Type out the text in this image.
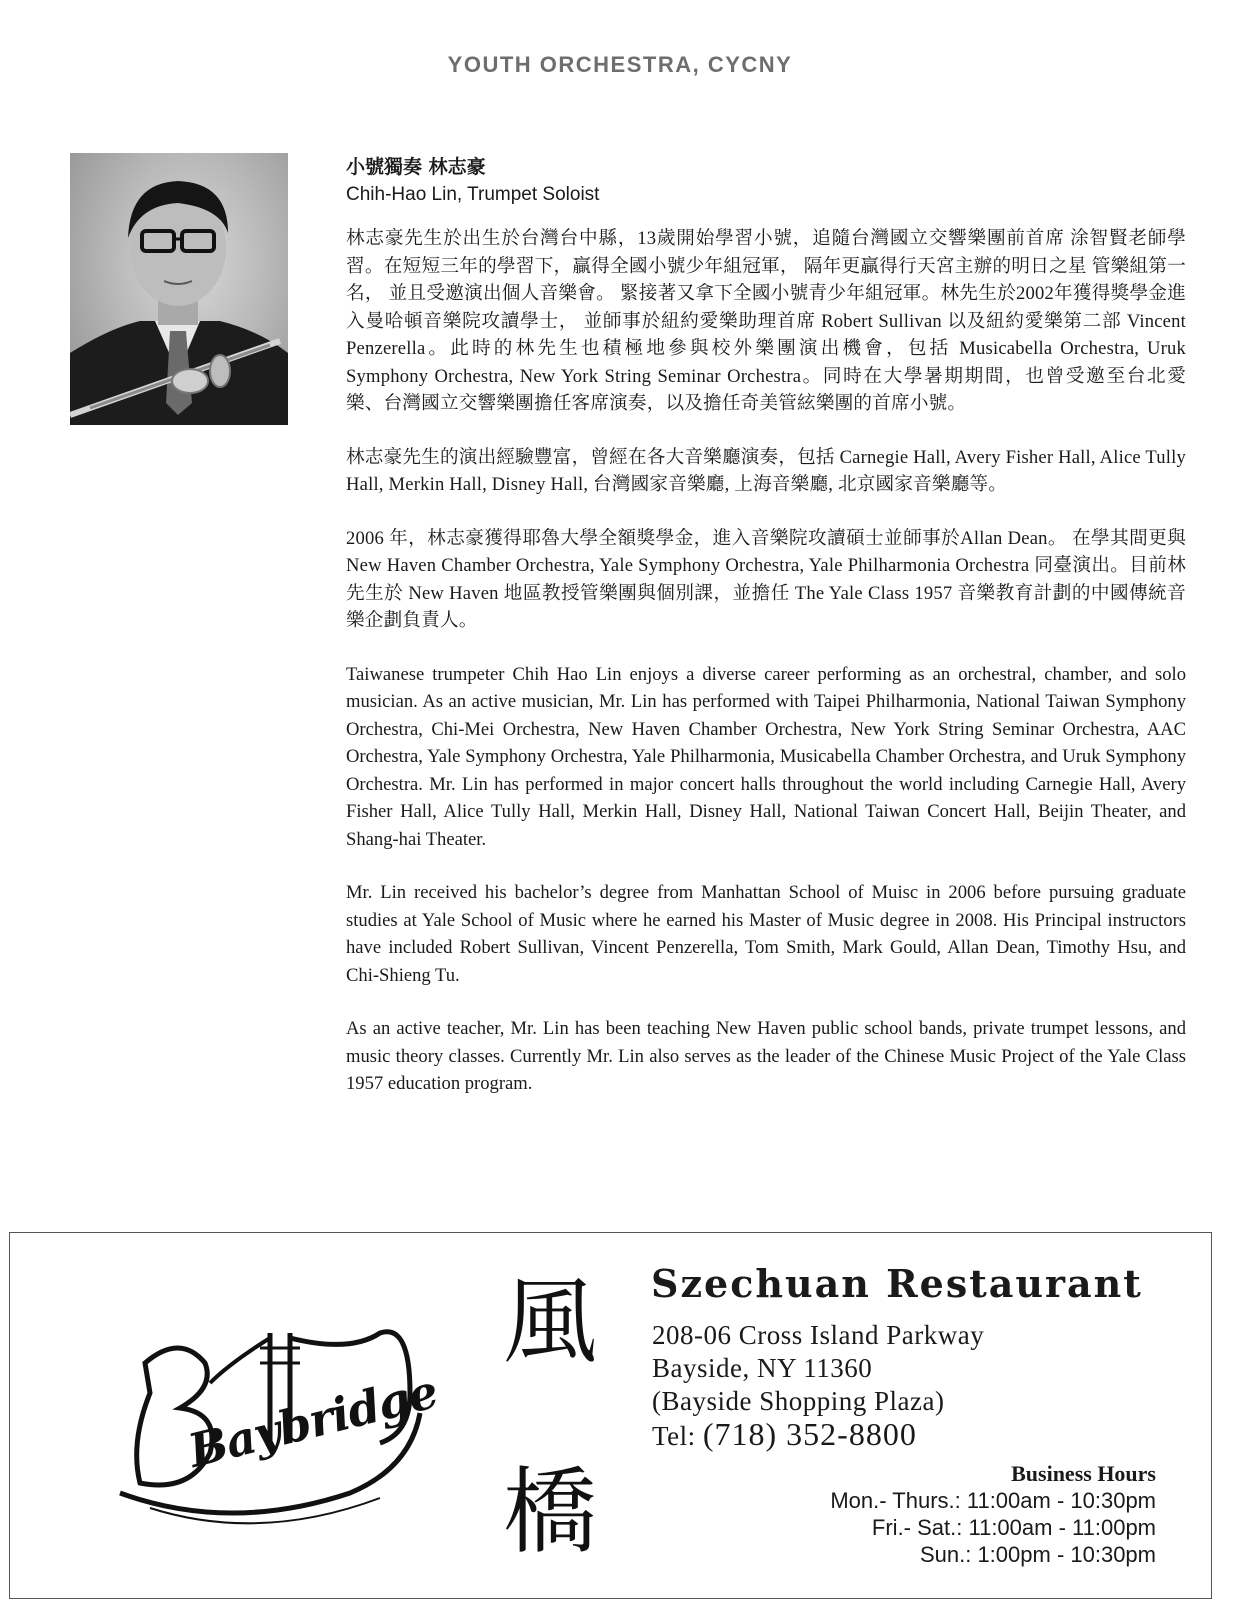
YOUTH ORCHESTRA, CYCNY

小號獨奏 林志豪

Chih-Hao Lin, Trumpet Soloist

林志豪先生於出生於台灣台中縣，13歲開始學習小號，追隨台灣國立交響樂團前首席 涂智賢老師學習。在短短三年的學習下，贏得全國小號少年組冠軍， 隔年更贏得行天宮主辦的明日之星 管樂組第一名， 並且受邀演出個人音樂會。 緊接著又拿下全國小號青少年組冠軍。林先生於2002年獲得獎學金進入曼哈頓音樂院攻讀學士， 並師事於紐約愛樂助理首席 Robert Sullivan 以及紐約愛樂第二部 Vincent Penzerella。此時的林先生也積極地參與校外樂團演出機會，包括 Musicabella Orchestra, Uruk Symphony Orchestra, New York String Seminar Orchestra。同時在大學暑期期間，也曾受邀至台北愛樂、台灣國立交響樂團擔任客席演奏，以及擔任奇美管絃樂團的首席小號。

林志豪先生的演出經驗豐富，曾經在各大音樂廳演奏，包括 Carnegie Hall, Avery Fisher Hall, Alice Tully Hall, Merkin Hall, Disney Hall, 台灣國家音樂廳, 上海音樂廳, 北京國家音樂廳等。

2006 年，林志豪獲得耶魯大學全額獎學金，進入音樂院攻讀碩士並師事於Allan Dean。 在學其間更與 New Haven Chamber Orchestra, Yale Symphony Orchestra, Yale Philharmonia Orchestra 同臺演出。目前林先生於 New Haven 地區教授管樂團與個別課，並擔任 The Yale Class 1957 音樂教育計劃的中國傳統音樂企劃負責人。

Taiwanese trumpeter Chih Hao Lin enjoys a diverse career performing as an orchestral, chamber, and solo musician. As an active musician, Mr. Lin has performed with Taipei Philharmonia, National Taiwan Symphony Orchestra, Chi-Mei Orchestra, New Haven Chamber Orchestra, New York String Seminar Orchestra, AAC Orchestra, Yale Symphony Orchestra, Yale Philharmonia, Musicabella Chamber Orchestra, and Uruk Symphony Orchestra. Mr. Lin has performed in major concert halls throughout the world including Carnegie Hall, Avery Fisher Hall, Alice Tully Hall, Merkin Hall, Disney Hall, National Taiwan Concert Hall, Beijin Theater, and Shang-hai Theater.

Mr. Lin received his bachelor’s degree from Manhattan School of Muisc in 2006 before pursuing graduate studies at Yale School of Music where he earned his Master of Music degree in 2008. His Principal instructors have included Robert Sullivan, Vincent Penzerella, Tom Smith, Mark Gould, Allan Dean, Timothy Hsu, and Chi-Shieng Tu.

As an active teacher, Mr. Lin has been teaching New Haven public school bands, private trumpet lessons, and music theory classes. Currently Mr. Lin also serves as the leader of the Chinese Music Project of the Yale Class 1957 education program.

Baybridge
風
橋
Szechuan Restaurant
208-06 Cross Island Parkway
Bayside, NY 11360
(Bayside Shopping Plaza)
Tel: (718) 352-8800
Business Hours
Mon.- Thurs.: 11:00am - 10:30pm
Fri.- Sat.: 11:00am - 11:00pm
Sun.: 1:00pm - 10:30pm
